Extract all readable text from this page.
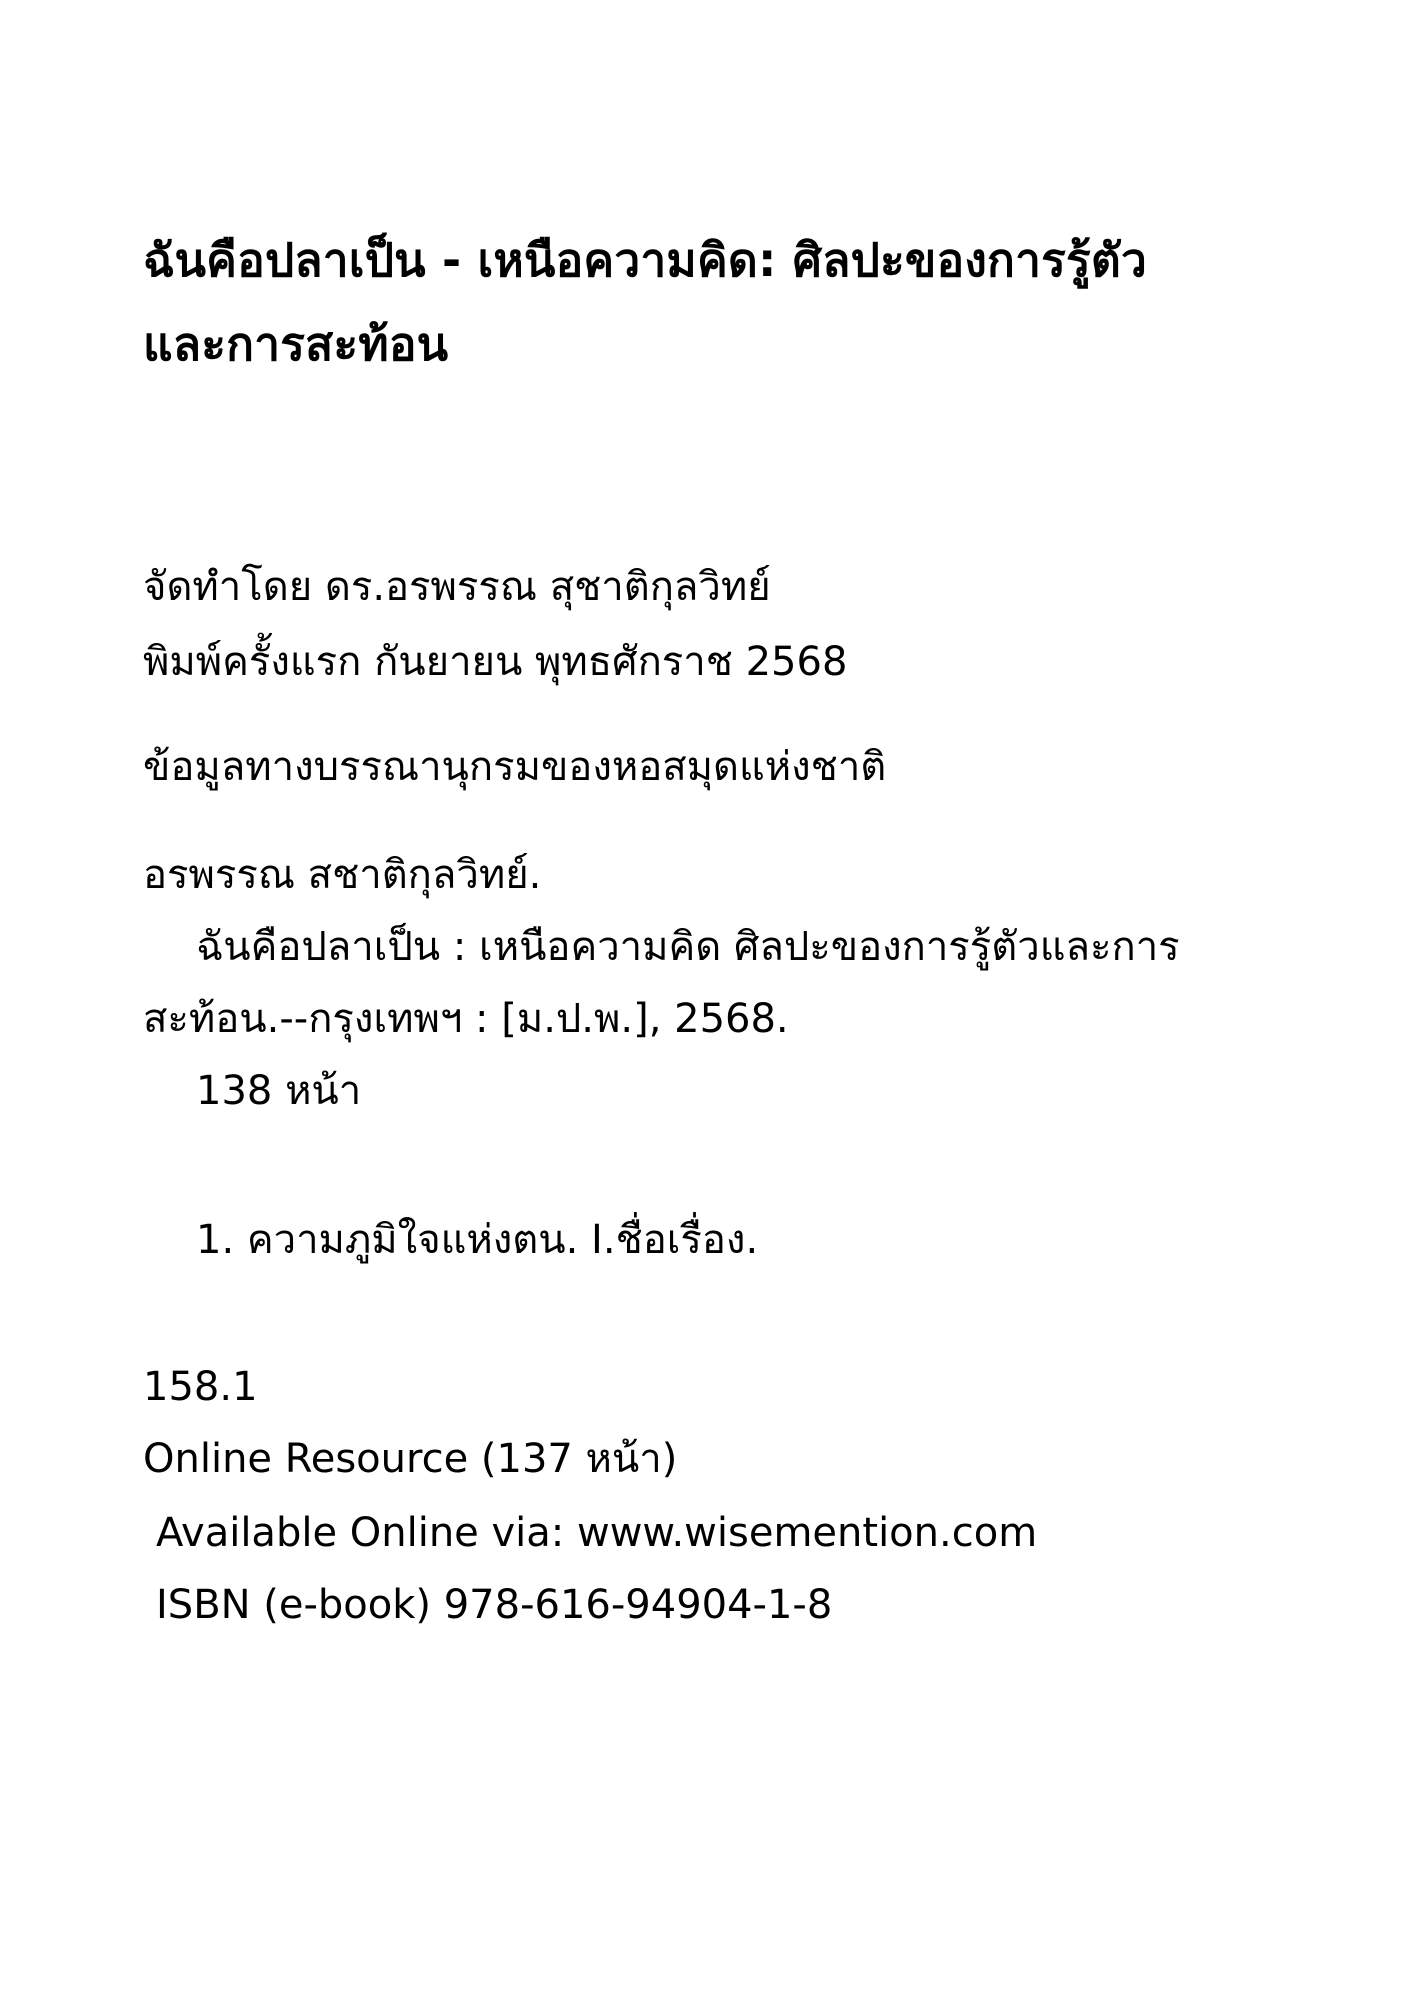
ฉันคือปลาเป็น - เหนือความคิด: ศิลปะของการรู้ตัว
และการสะท้อน

จัดทำโดย ดร.อรพรรณ สุชาติกุลวิทย์

พิมพ์ครั้งแรก กันยายน พุทธศักราช 2568

ข้อมูลทางบรรณานุกรมของหอสมุดแห่งชาติ

อรพรรณ สชาติกุลวิทย์.

ฉันคือปลาเป็น : เหนือความคิด ศิลปะของการรู้ตัวและการ

สะท้อน.--กรุงเทพฯ : [ม.ป.พ.], 2568.

138 หน้า

1. ความภูมิใจแห่งตน. I.ชื่อเรื่อง.

158.1

Online Resource (137 หน้า)

Available Online via: www.wisemention.com

ISBN (e-book) 978-616-94904-1-8
